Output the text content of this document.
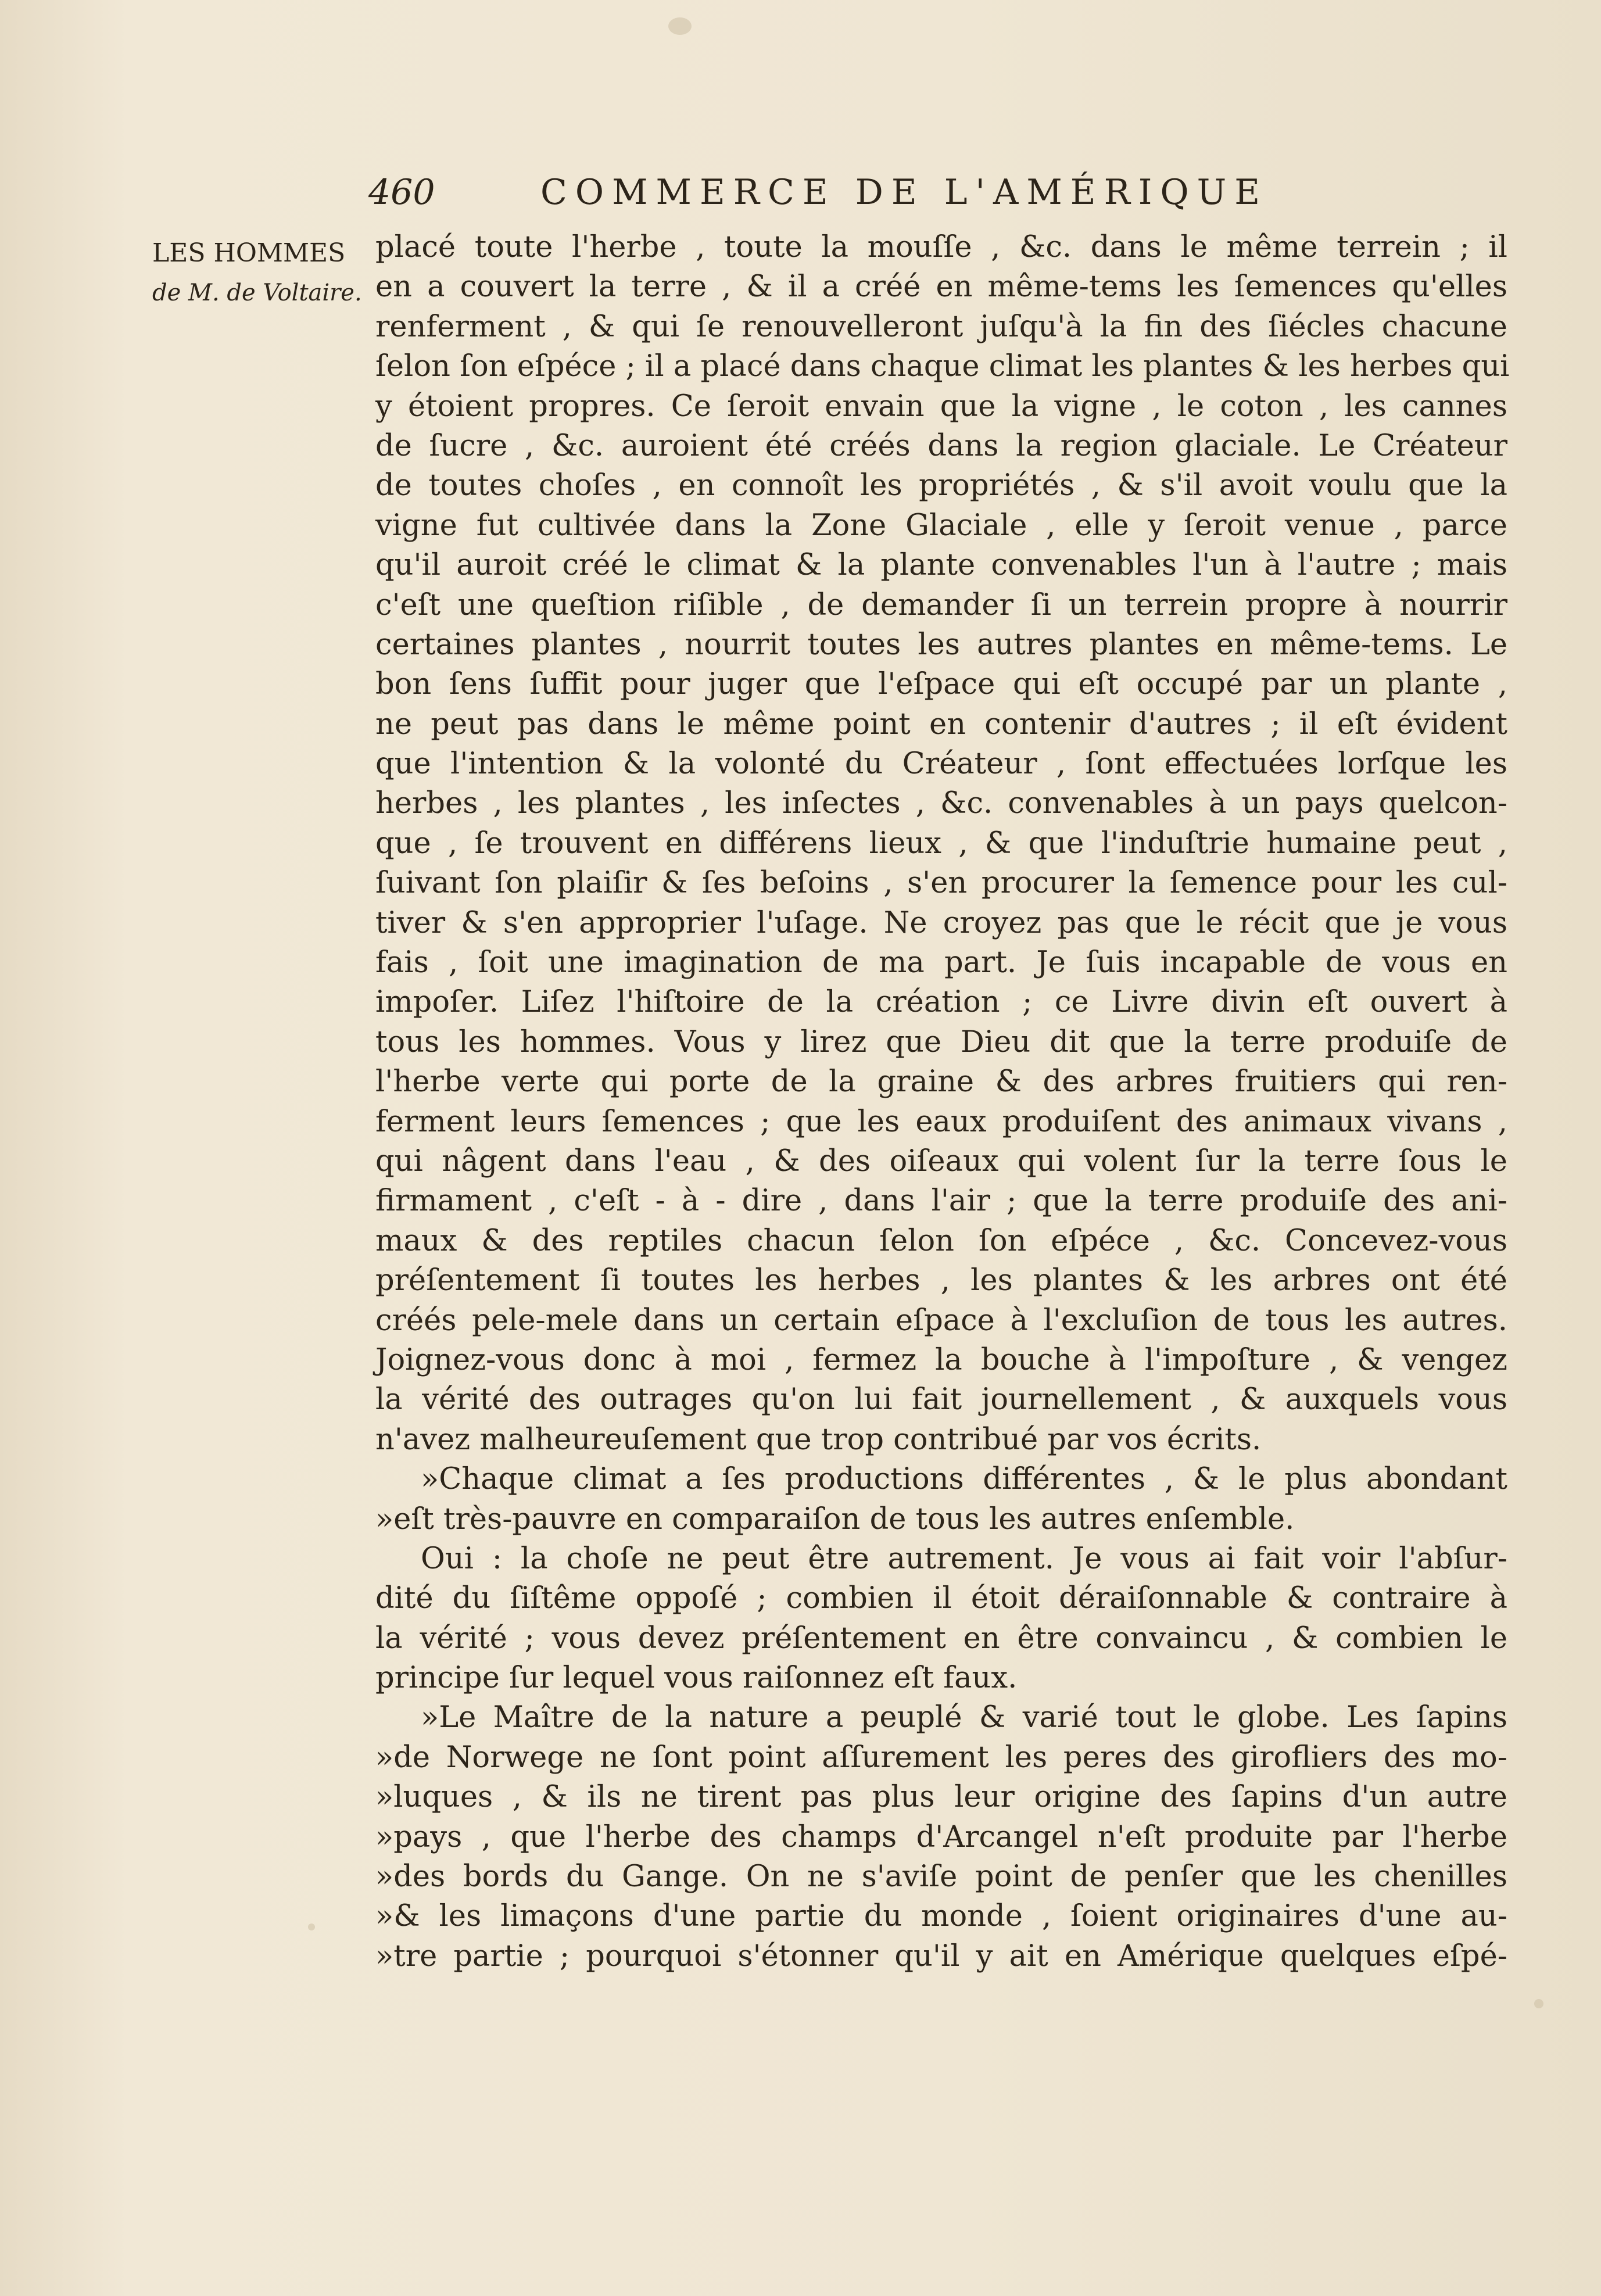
460	COMMERCE DE L'AMÉRIQUE
LES HOMMES
de M. de Voltaire.
placé toute l'herbe , toute la mouſſe , &c. dans le même terrein ; il
en a couvert la terre , & il a créé en même-tems les ſemences qu'elles
renferment , & qui ſe renouvelleront juſqu'à la fin des ſiécles chacune
ſelon ſon eſpéce ; il a placé dans chaque climat les plantes & les herbes qui
y étoient propres. Ce ſeroit envain que la vigne , le coton , les cannes
de ſucre , &c. auroient été créés dans la region glaciale. Le Créateur
de toutes choſes , en connoît les propriétés , & s'il avoit voulu que la
vigne fut cultivée dans la Zone Glaciale , elle y ſeroit venue , parce
qu'il auroit créé le climat & la plante convenables l'un à l'autre ; mais
c'eſt une queſtion riſible , de demander ſi un terrein propre à nourrir
certaines plantes , nourrit toutes les autres plantes en même-tems. Le
bon ſens ſuffit pour juger que l'eſpace qui eſt occupé par un plante ,
ne peut pas dans le même point en contenir d'autres ; il eſt évident
que l'intention & la volonté du Créateur , ſont effectuées lorſque les
herbes , les plantes , les inſectes , &c. convenables à un pays quelcon-
que , ſe trouvent en différens lieux , & que l'induſtrie humaine peut ,
ſuivant ſon plaiſir & ſes beſoins , s'en procurer la ſemence pour les cul-
tiver & s'en approprier l'uſage. Ne croyez pas que le récit que je vous
fais , ſoit une imagination de ma part. Je ſuis incapable de vous en
impoſer. Liſez l'hiſtoire de la création ; ce Livre divin eſt ouvert à
tous les hommes. Vous y lirez que Dieu dit que la terre produiſe de
l'herbe verte qui porte de la graine & des arbres fruitiers qui ren-
ferment leurs ſemences ; que les eaux produiſent des animaux vivans ,
qui nâgent dans l'eau , & des oiſeaux qui volent ſur la terre ſous le
firmament , c'eſt - à - dire , dans l'air ; que la terre produiſe des ani-
maux & des reptiles chacun ſelon ſon eſpéce , &c. Concevez-vous
préſentement ſi toutes les herbes , les plantes & les arbres ont été
créés pele-mele dans un certain eſpace à l'excluſion de tous les autres.
Joignez-vous donc à moi , fermez la bouche à l'impoſture , & vengez
la vérité des outrages qu'on lui fait journellement , & auxquels vous
n'avez malheureuſement que trop contribué par vos écrits.
»Chaque climat a ſes productions différentes , & le plus abondant
»eſt très-pauvre en comparaiſon de tous les autres enſemble.
Oui : la choſe ne peut être autrement. Je vous ai fait voir l'abſur-
dité du ſiſtême oppoſé ; combien il étoit déraiſonnable & contraire à
la vérité ; vous devez préſentement en être convaincu , & combien le
principe ſur lequel vous raiſonnez eſt faux.
»Le Maître de la nature a peuplé & varié tout le globe. Les ſapins
»de Norwege ne ſont point aſſurement les peres des girofliers des mo-
»luques , & ils ne tirent pas plus leur origine des ſapins d'un autre
»pays , que l'herbe des champs d'Arcangel n'eſt produite par l'herbe
»des bords du Gange. On ne s'aviſe point de penſer que les chenilles
»& les limaçons d'une partie du monde , ſoient originaires d'une au-
»tre partie ; pourquoi s'étonner qu'il y ait en Amérique quelques eſpé-
